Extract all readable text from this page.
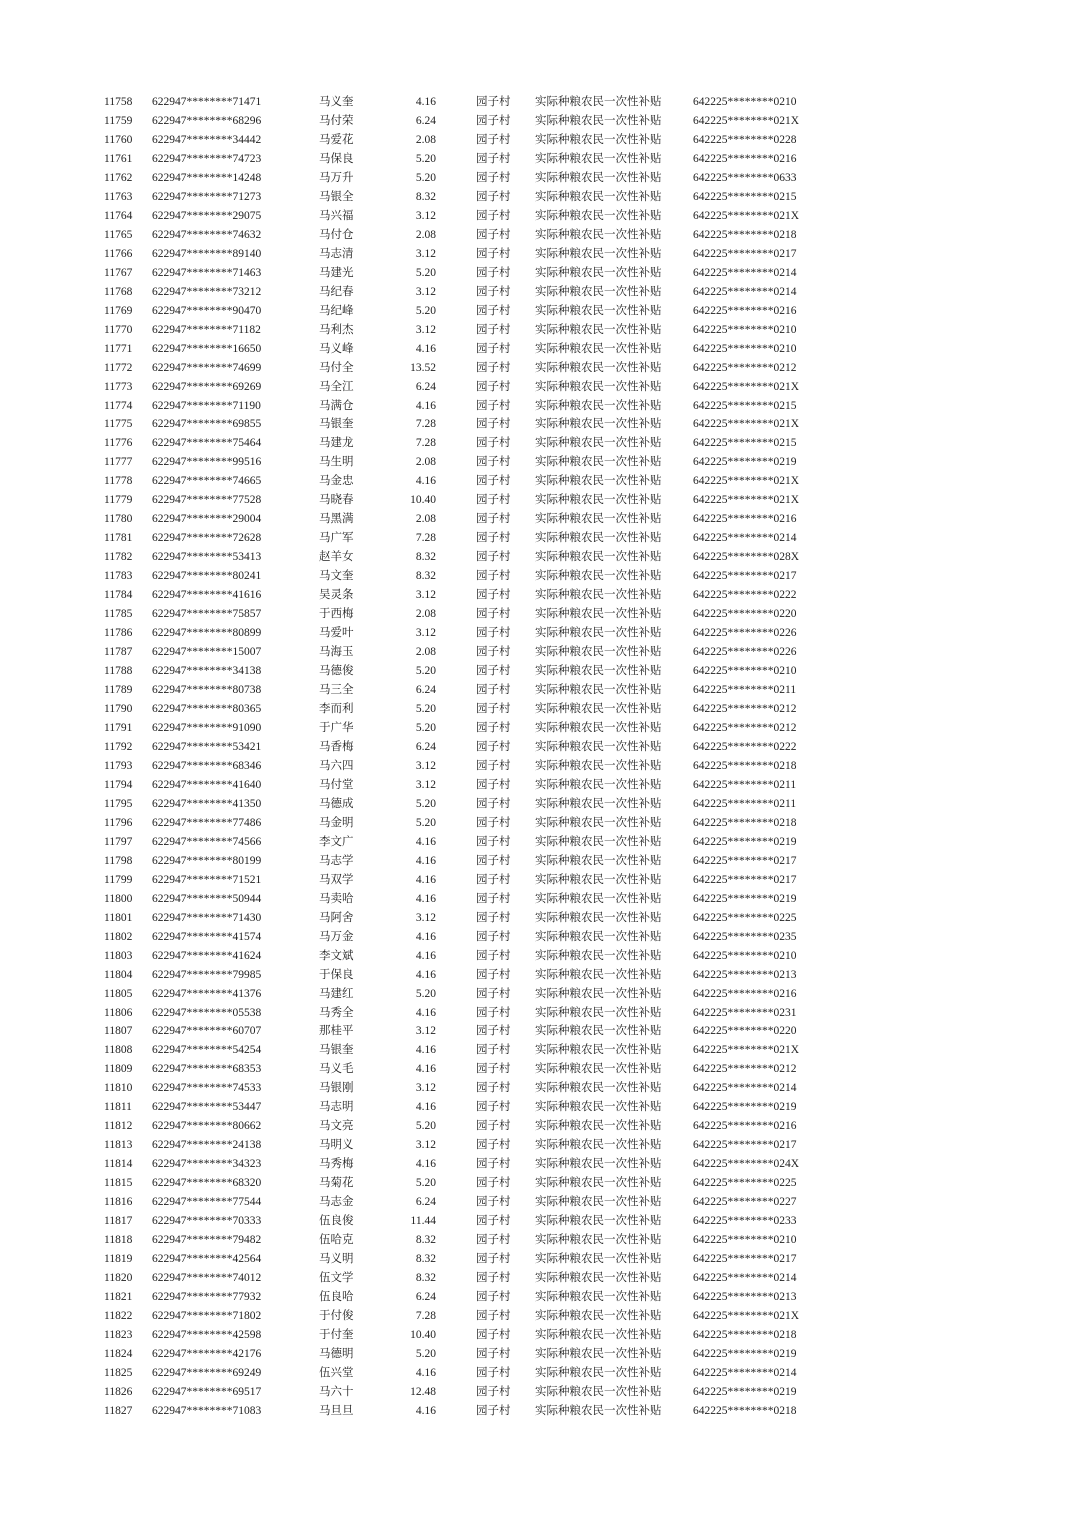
11758 622947********71471	马义奎	4.16	园子村 实际种粮农民一次性补贴	642225********0210
11759 622947********68296	马付荣	6.24	园子村 实际种粮农民一次性补贴	642225********021X
11760 622947********34442	马爱花	2.08	园子村 实际种粮农民一次性补贴	642225********0228
11761 622947********74723	马保良	5.20	园子村 实际种粮农民一次性补贴	642225********0216
11762 622947********14248	马万升	5.20	园子村 实际种粮农民一次性补贴	642225********0633
11763 622947********71273	马银全	8.32	园子村 实际种粮农民一次性补贴	642225********0215
11764 622947********29075	马兴福	3.12	园子村 实际种粮农民一次性补贴	642225********021X
11765 622947********74632	马付仓	2.08	园子村 实际种粮农民一次性补贴	642225********0218
11766 622947********89140	马志清	3.12	园子村 实际种粮农民一次性补贴	642225********0217
11767 622947********71463	马建光	5.20	园子村 实际种粮农民一次性补贴	642225********0214
11768 622947********73212	马纪春	3.12	园子村 实际种粮农民一次性补贴	642225********0214
11769 622947********90470	马纪峰	5.20	园子村 实际种粮农民一次性补贴	642225********0216
11770 622947********71182	马利杰	3.12	园子村 实际种粮农民一次性补贴	642225********0210
11771 622947********16650	马义峰	4.16	园子村 实际种粮农民一次性补贴	642225********0210
11772 622947********74699	马付全	13.52	园子村 实际种粮农民一次性补贴	642225********0212
11773 622947********69269	马全江	6.24	园子村 实际种粮农民一次性补贴	642225********021X
11774 622947********71190	马满仓	4.16	园子村 实际种粮农民一次性补贴	642225********0215
11775 622947********69855	马银奎	7.28	园子村 实际种粮农民一次性补贴	642225********021X
11776 622947********75464	马建龙	7.28	园子村 实际种粮农民一次性补贴	642225********0215
11777 622947********99516	马生明	2.08	园子村 实际种粮农民一次性补贴	642225********0219
11778 622947********74665	马金忠	4.16	园子村 实际种粮农民一次性补贴	642225********021X
11779 622947********77528	马晓春	10.40	园子村 实际种粮农民一次性补贴	642225********021X
11780 622947********29004	马黑满	2.08	园子村 实际种粮农民一次性补贴	642225********0216
11781 622947********72628	马广军	7.28	园子村 实际种粮农民一次性补贴	642225********0214
11782 622947********53413	赵羊女	8.32	园子村 实际种粮农民一次性补贴	642225********028X
11783 622947********80241	马文奎	8.32	园子村 实际种粮农民一次性补贴	642225********0217
11784 622947********41616	吴灵条	3.12	园子村 实际种粮农民一次性补贴	642225********0222
11785 622947********75857	于西梅	2.08	园子村 实际种粮农民一次性补贴	642225********0220
11786 622947********80899	马爱叶	3.12	园子村 实际种粮农民一次性补贴	642225********0226
11787 622947********15007	马海玉	2.08	园子村 实际种粮农民一次性补贴	642225********0226
11788 622947********34138	马德俊	5.20	园子村 实际种粮农民一次性补贴	642225********0210
11789 622947********80738	马三全	6.24	园子村 实际种粮农民一次性补贴	642225********0211
11790 622947********80365	李而利	5.20	园子村 实际种粮农民一次性补贴	642225********0212
11791 622947********91090	于广华	5.20	园子村 实际种粮农民一次性补贴	642225********0212
11792 622947********53421	马香梅	6.24	园子村 实际种粮农民一次性补贴	642225********0222
11793 622947********68346	马六四	3.12	园子村 实际种粮农民一次性补贴	642225********0218
11794 622947********41640	马付堂	3.12	园子村 实际种粮农民一次性补贴	642225********0211
11795 622947********41350	马德成	5.20	园子村 实际种粮农民一次性补贴	642225********0211
11796 622947********77486	马金明	5.20	园子村 实际种粮农民一次性补贴	642225********0218
11797 622947********74566	李文广	4.16	园子村 实际种粮农民一次性补贴	642225********0219
11798 622947********80199	马志学	4.16	园子村 实际种粮农民一次性补贴	642225********0217
11799 622947********71521	马双学	4.16	园子村 实际种粮农民一次性补贴	642225********0217
11800 622947********50944	马卖哈	4.16	园子村 实际种粮农民一次性补贴	642225********0219
11801 622947********71430	马阿舍	3.12	园子村 实际种粮农民一次性补贴	642225********0225
11802 622947********41574	马万金	4.16	园子村 实际种粮农民一次性补贴	642225********0235
11803 622947********41624	李文斌	4.16	园子村 实际种粮农民一次性补贴	642225********0210
11804 622947********79985	于保良	4.16	园子村 实际种粮农民一次性补贴	642225********0213
11805 622947********41376	马建红	5.20	园子村 实际种粮农民一次性补贴	642225********0216
11806 622947********05538	马秀全	4.16	园子村 实际种粮农民一次性补贴	642225********0231
11807 622947********60707	那桂平	3.12	园子村 实际种粮农民一次性补贴	642225********0220
11808 622947********54254	马银奎	4.16	园子村 实际种粮农民一次性补贴	642225********021X
11809 622947********68353	马义毛	4.16	园子村 实际种粮农民一次性补贴	642225********0212
11810 622947********74533	马银刚	3.12	园子村 实际种粮农民一次性补贴	642225********0214
11811 622947********53447	马志明	4.16	园子村 实际种粮农民一次性补贴	642225********0219
11812 622947********80662	马文亮	5.20	园子村 实际种粮农民一次性补贴	642225********0216
11813 622947********24138	马明义	3.12	园子村 实际种粮农民一次性补贴	642225********0217
11814 622947********34323	马秀梅	4.16	园子村 实际种粮农民一次性补贴	642225********024X
11815 622947********68320	马菊花	5.20	园子村 实际种粮农民一次性补贴	642225********0225
11816 622947********77544	马志金	6.24	园子村 实际种粮农民一次性补贴	642225********0227
11817 622947********70333	伍良俊	11.44	园子村 实际种粮农民一次性补贴	642225********0233
11818 622947********79482	伍哈克	8.32	园子村 实际种粮农民一次性补贴	642225********0210
11819 622947********42564	马义明	8.32	园子村 实际种粮农民一次性补贴	642225********0217
11820 622947********74012	伍文学	8.32	园子村 实际种粮农民一次性补贴	642225********0214
11821 622947********77932	伍良哈	6.24	园子村 实际种粮农民一次性补贴	642225********0213
11822 622947********71802	于付俊	7.28	园子村 实际种粮农民一次性补贴	642225********021X
11823 622947********42598	于付奎	10.40	园子村 实际种粮农民一次性补贴	642225********0218
11824 622947********42176	马德明	5.20	园子村 实际种粮农民一次性补贴	642225********0219
11825 622947********69249	伍兴堂	4.16	园子村 实际种粮农民一次性补贴	642225********0214
11826 622947********69517	马六十	12.48	园子村 实际种粮农民一次性补贴	642225********0219
11827 622947********71083	马旦旦	4.16	园子村 实际种粮农民一次性补贴	642225********0218
